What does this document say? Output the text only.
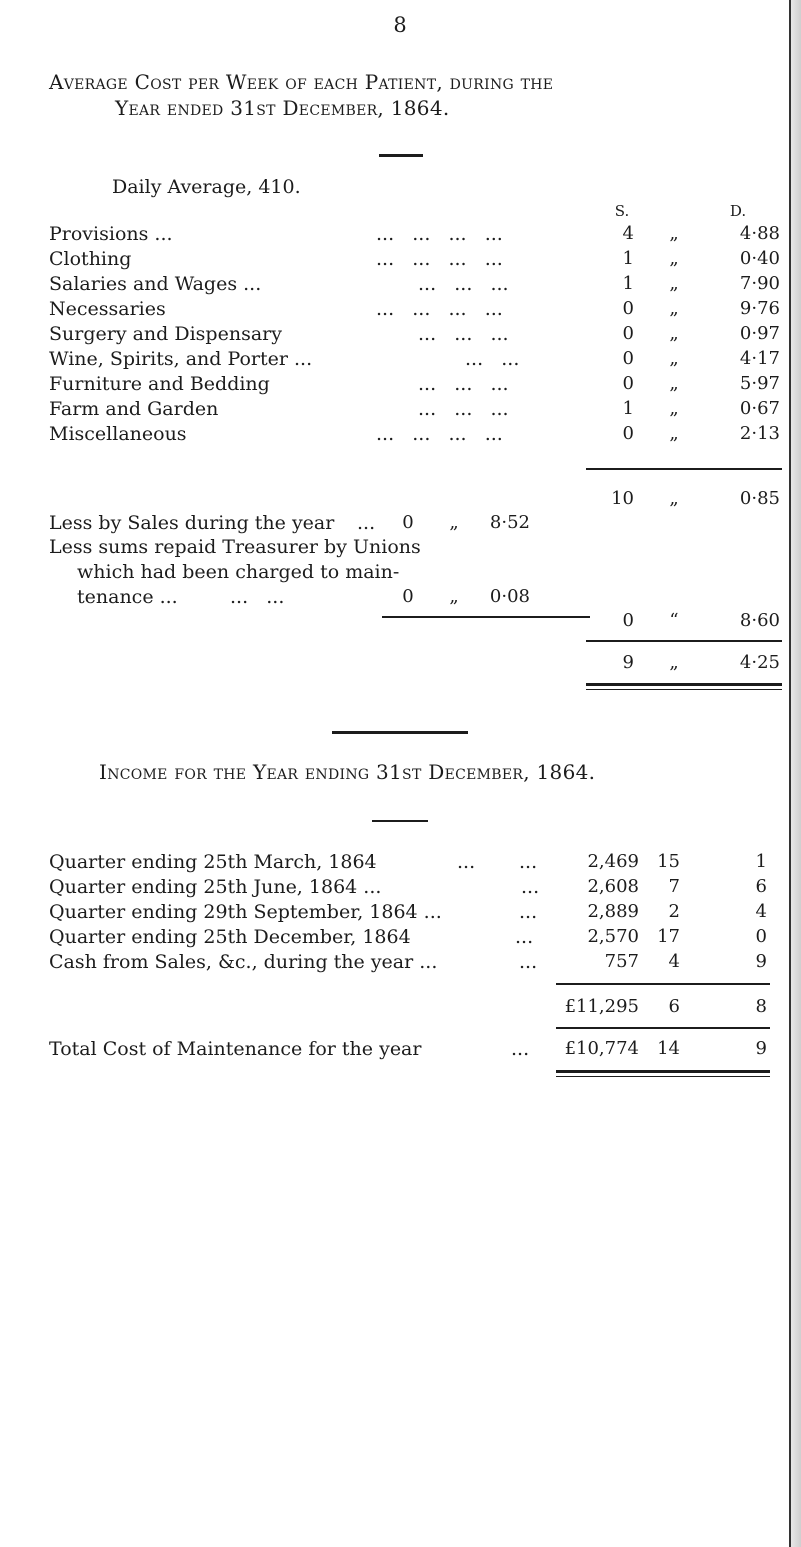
8
Average Cost per Week of each Patient, during the
Year ended 31st December, 1864.
Daily Average, 410.
S.	D.
Provisions ...	...   ...   ...   ...	4 „	4·88
Clothing	...   ...   ...   ...	1 „	0·40
Salaries and Wages ...	...   ...   ...	1 „	7·90
Necessaries	...   ...   ...   ...	0 „	9·76
Surgery and Dispensary	...   ...   ...	0 „	0·97
Wine, Spirits, and Porter ...	...   ...	0 „	4·17
Furniture and Bedding	...   ...   ...	0 „	5·97
Farm and Garden	...   ...   ...	1 „	0·67
Miscellaneous	...   ...   ...   ...	0 „	2·13
10 „	0·85
Less by Sales during the year ... 0 „	8·52
Less sums repaid Treasurer by Unions
which had been charged to main-
tenance ...	...   ...	0 „	0·08
0 “	8·60
9 „	4·25
Income for the Year ending 31st December, 1864.
Quarter ending 25th March, 1864	... ...	2,469	15	1
Quarter ending 25th June, 1864 ...	...	2,608	7	6
Quarter ending 29th September, 1864 ...	...	2,889	2	4
Quarter ending 25th December, 1864	...	2,570	17	0
Cash from Sales, &c., during the year ...	...	757	4	9
£11,295	6	8
Total Cost of Maintenance for the year	...	£10,774	14	9
